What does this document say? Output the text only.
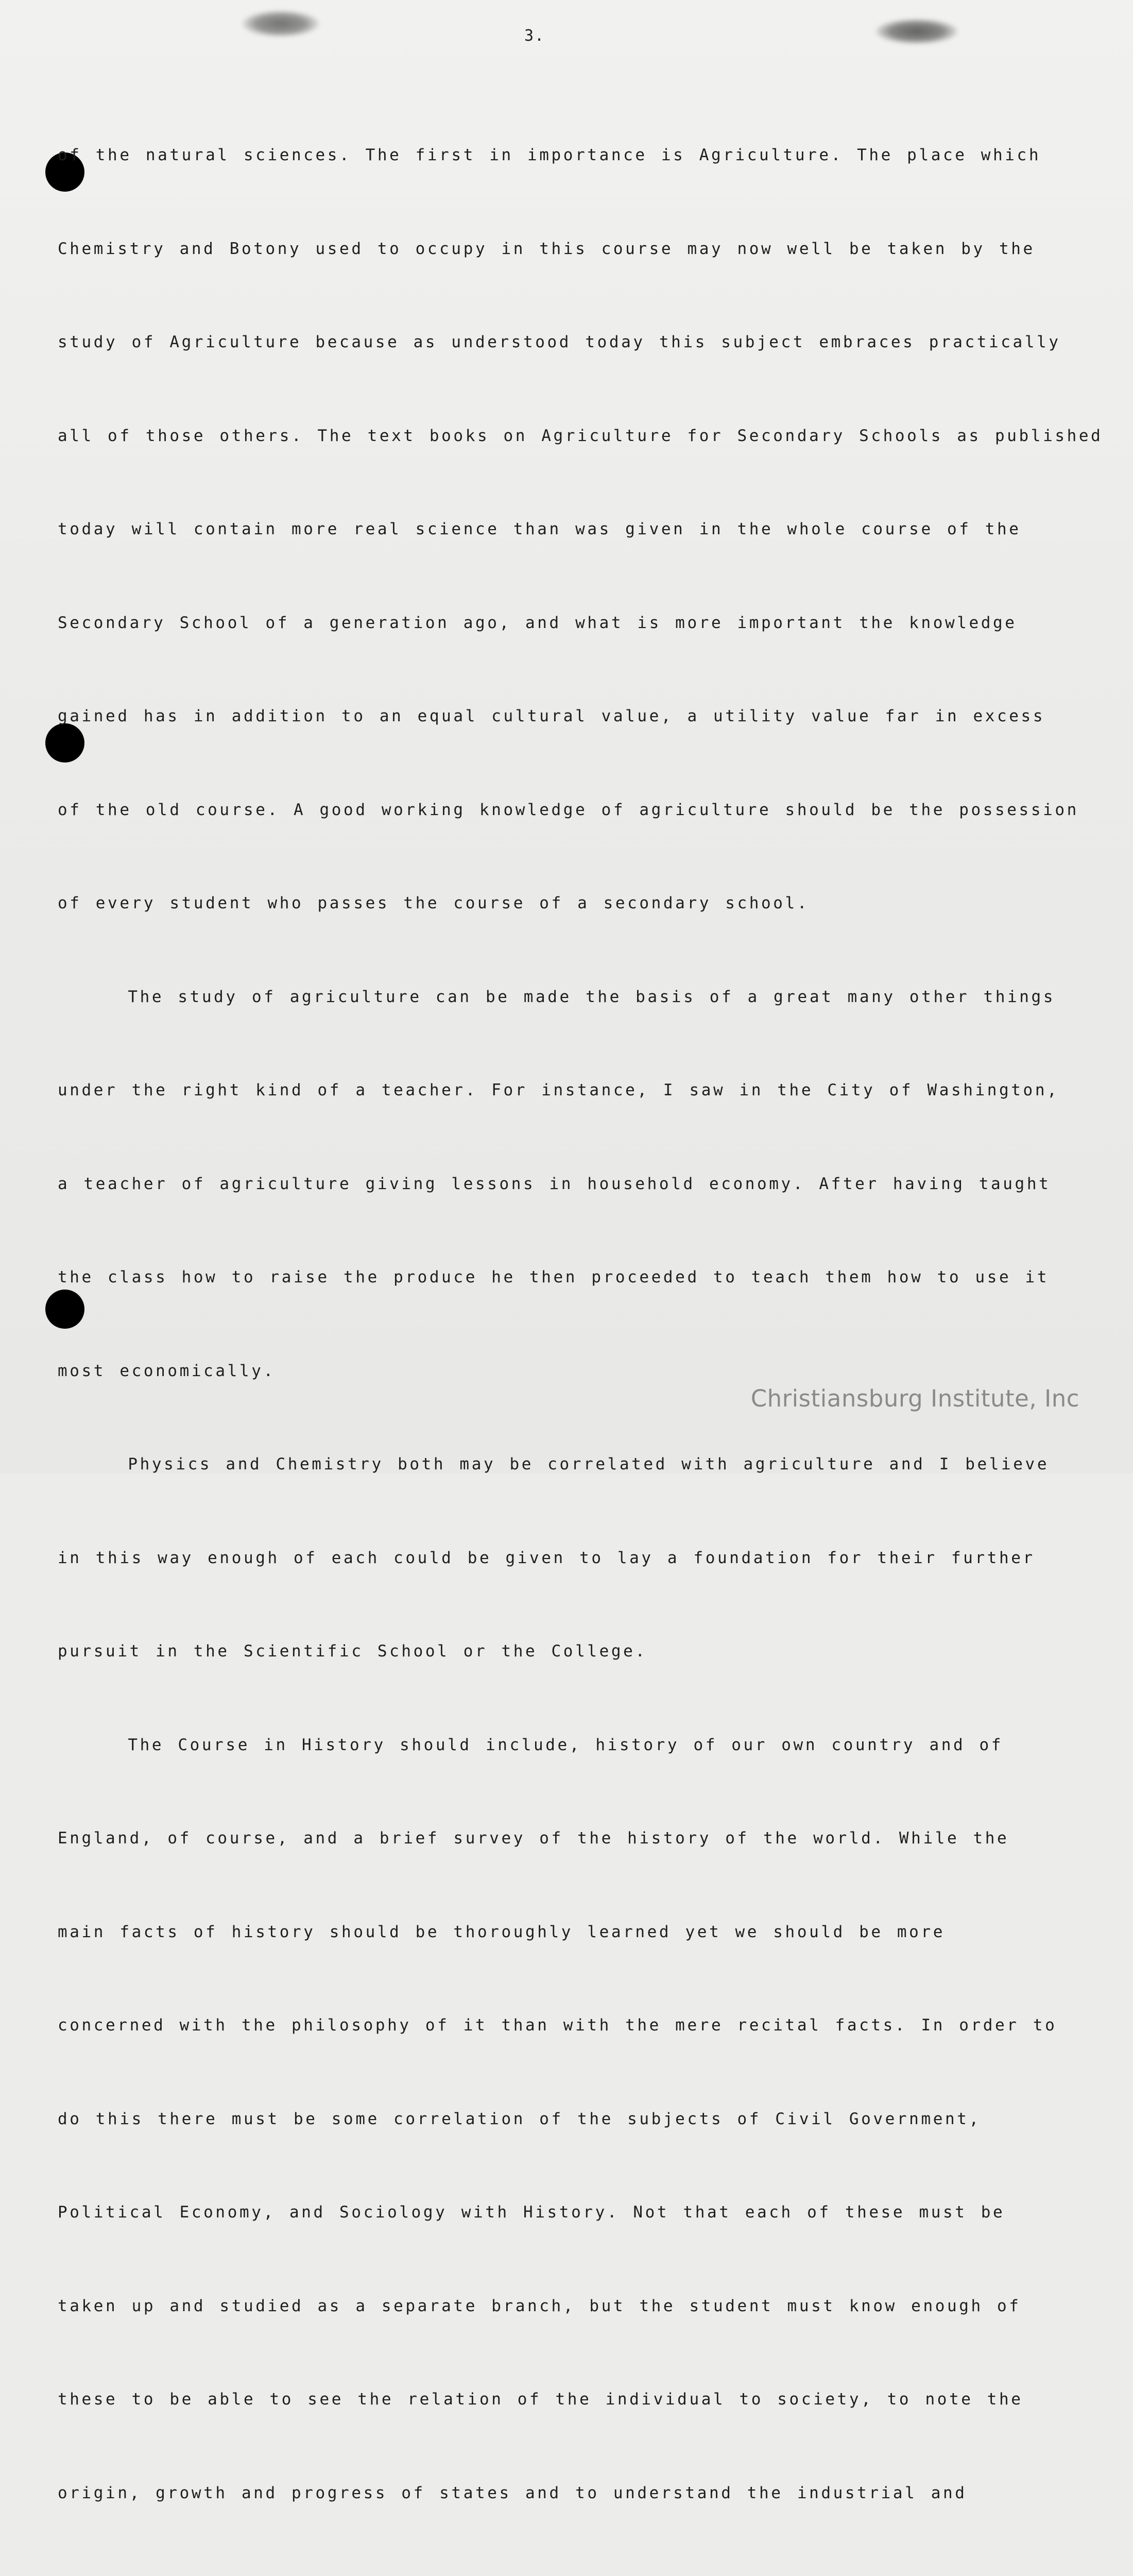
3.

of the natural sciences. The first in importance is Agriculture. The place which

Chemistry and Botony used to occupy in this course may now well be taken by the

study of Agriculture because as understood today this subject embraces practically

all of those others. The text books on Agriculture for Secondary Schools as published

today will contain more real science than was given in the whole course of the

Secondary School of a generation ago, and what is more important the knowledge

gained has in addition to an equal cultural value, a utility value far in excess

of the old course. A good working knowledge of agriculture should be the possession

of every student who passes the course of a secondary school.

The study of agriculture can be made the basis of a great many other things

under the right kind of a teacher. For instance, I saw in the City of Washington,

a teacher of agriculture giving lessons in household economy. After having taught

the class how to raise the produce he then proceeded to teach them how to use it

most economically.

Physics and Chemistry both may be correlated with agriculture and I believe

in this way enough of each could be given to lay a foundation for their further

pursuit in the Scientific School or the College.

The Course in History should include, history of our own country and of

England, of course, and a brief survey of the history of the world. While the

main facts of history should be thoroughly learned yet we should be more

concerned with the philosophy of it than with the mere recital facts. In order to

do this there must be some correlation of the subjects of Civil Government,

Political Economy, and Sociology with History. Not that each of these must be

taken up and studied as a separate branch, but the student must know enough of

these to be able to see the relation of the individual to society, to note the

origin, growth and progress of states and to understand the industrial and

Christiansburg Institute, Inc
